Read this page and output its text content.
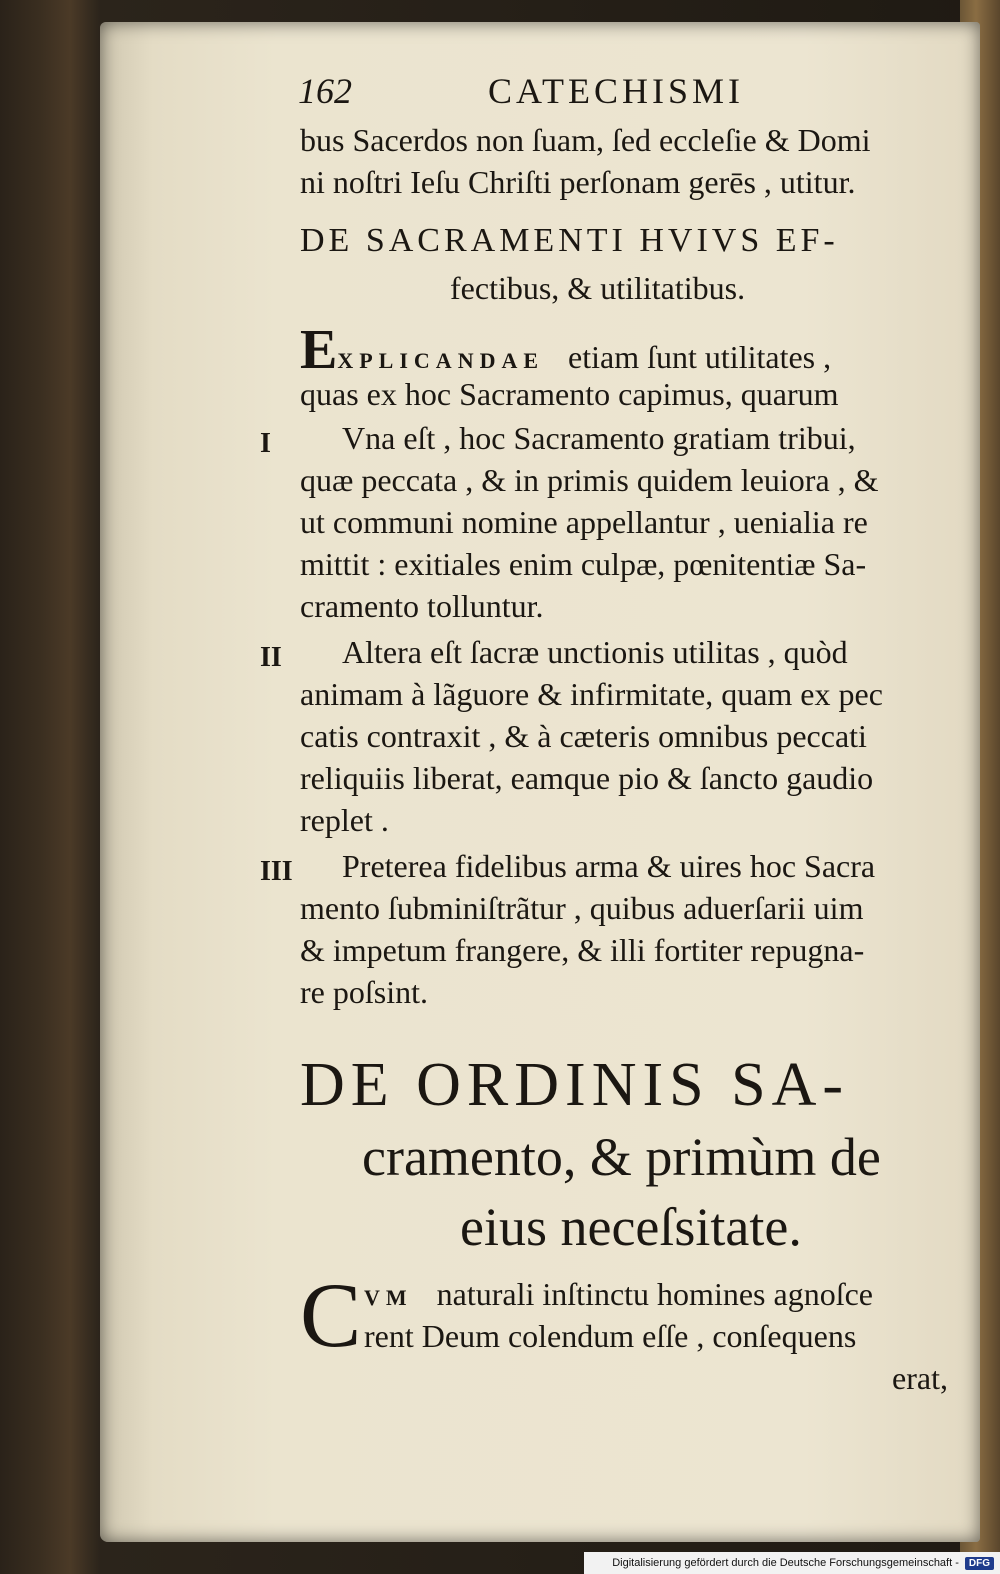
162	CATECHISMI
bus Sacerdos non ſuam, ſed eccleſie & Domi
ni noſtri Ieſu Chriſti perſonam gerēs , utitur.
DE SACRAMENTI HVIVS EF-
fectibus, & utilitatibus.
EXPLICANDAE etiam ſunt utilitates ,
quas ex hoc Sacramento capimus, quarum
I Vna eſt , hoc Sacramento gratiam tribui,
quæ peccata , & in primis quidem leuiora , &
ut communi nomine appellantur , uenialia re
mittit : exitiales enim culpæ, pœnitentiæ Sa-
cramento tolluntur.
II Altera eſt ſacræ unctionis utilitas , quòd
animam à lãguore & infirmitate, quam ex pec
catis contraxit , & à cæteris omnibus peccati
reliquiis liberat, eamque pio & ſancto gaudio
replet .
III Preterea fidelibus arma & uires hoc Sacra
mento ſubminiſtrãtur , quibus aduerſarii uim
& impetum frangere, & illi fortiter repugna-
re poſsint.
DE ORDINIS SA-
cramento, & primùm de
eius neceſsitate.
C VM naturali inſtinctu homines agnoſce
rent Deum colendum eſſe , conſequens
erat,
Digitalisierung gefördert durch die Deutsche Forschungsgemeinschaft -	DFG
